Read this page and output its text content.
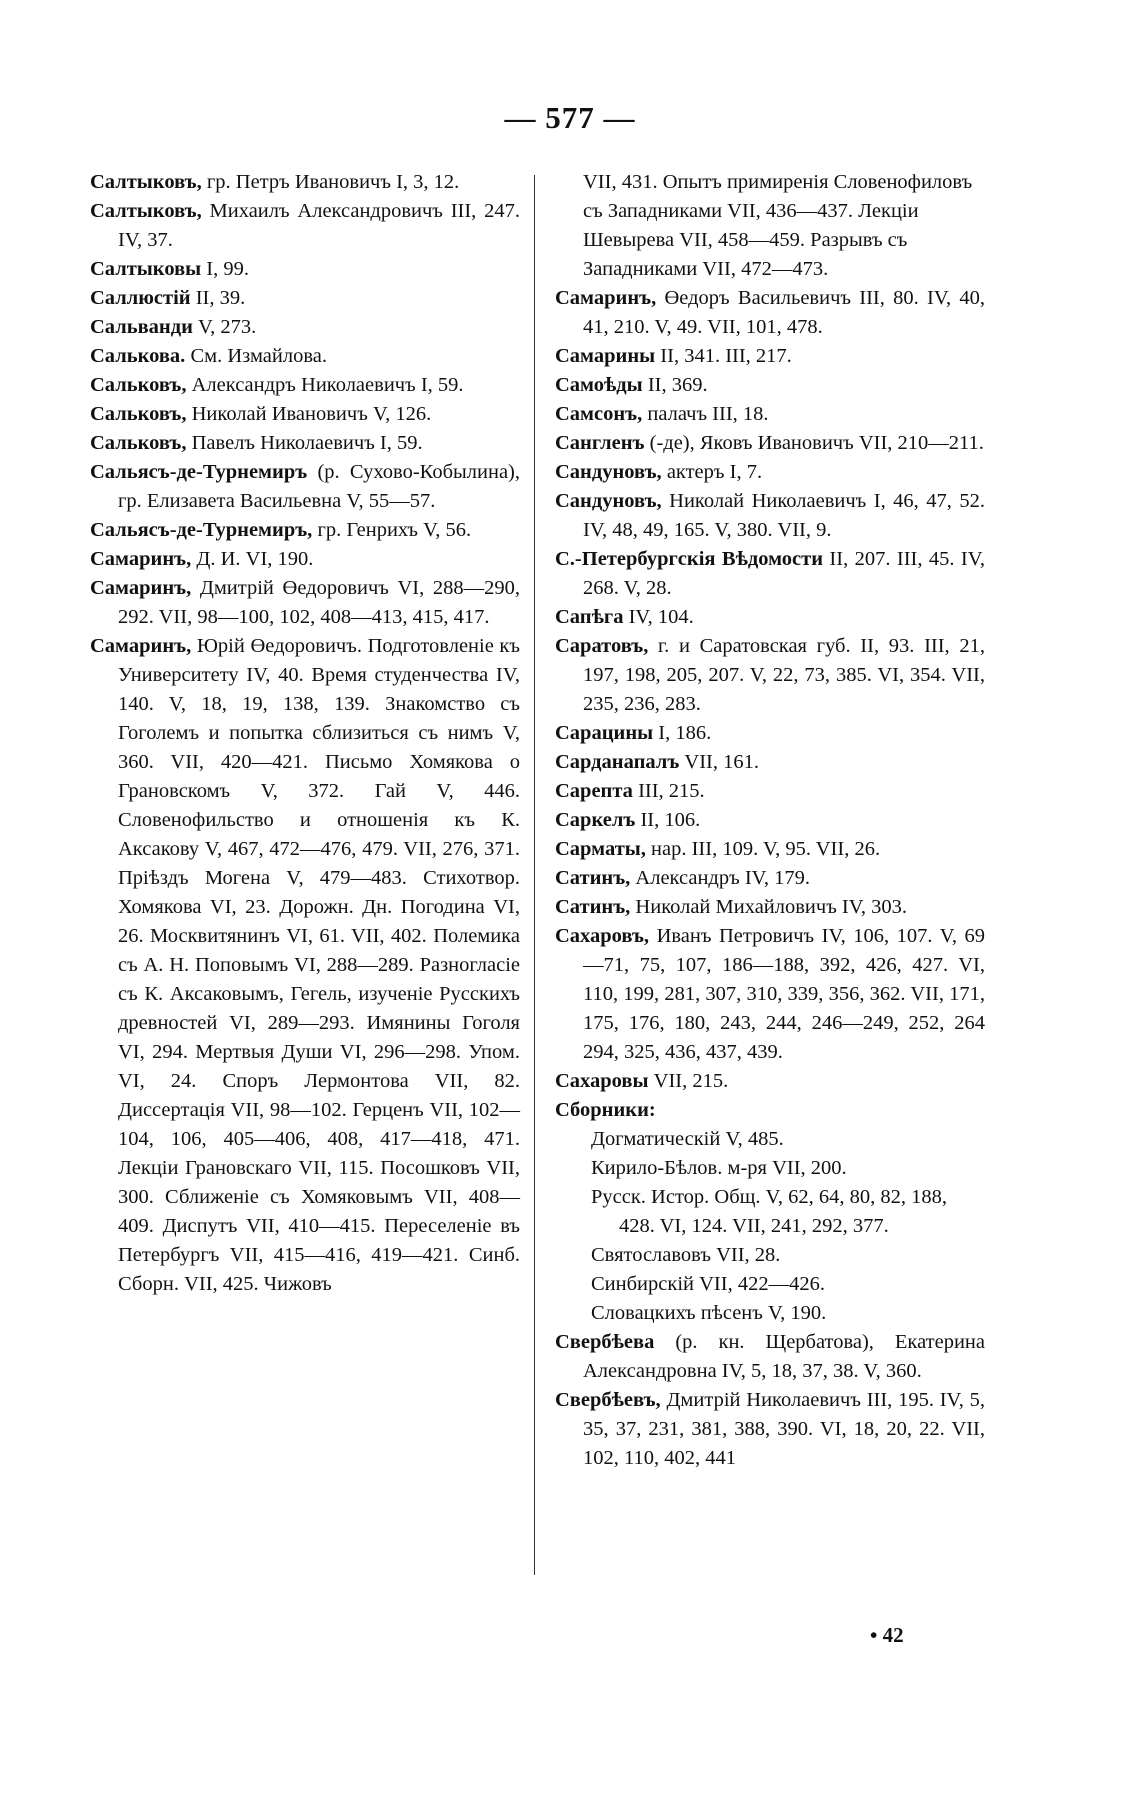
— 577 —

Салтыковъ, гр. Петръ Ивановичъ I, 3, 12.

Салтыковъ, Михаилъ Александровичъ III, 247. IV, 37.

Салтыковы I, 99.

Саллюстій II, 39.

Сальванди V, 273.

Салькова. См. Измайлова.

Сальковъ, Александръ Николаевичъ I, 59.

Сальковъ, Николай Ивановичъ V, 126.

Сальковъ, Павелъ Николаевичъ I, 59.

Сальясъ-де-Турнемиръ (р. Сухово-Кобылина), гр. Елизавета Васильевна V, 55—57.

Сальясъ-де-Турнемиръ, гр. Генрихъ V, 56.

Самаринъ, Д. И. VI, 190.

Самаринъ, Дмитрій Өедоровичъ VI, 288—290, 292. VII, 98—100, 102, 408—413, 415, 417.

Самаринъ, Юрій Өедоровичъ. Подготовленіе къ Университету IV, 40. Время студенчества IV, 140. V, 18, 19, 138, 139. Знакомство съ Гоголемъ и попытка сблизиться съ нимъ V, 360. VII, 420—421. Письмо Хомякова о Грановскомъ V, 372. Гай V, 446. Словенофильство и отношенія къ К. Аксакову V, 467, 472—476, 479. VII, 276, 371. Пріѣздъ Могена V, 479—483. Стихотвор. Хомякова VI, 23. Дорожн. Дн. Погодина VI, 26. Москвитянинъ VI, 61. VII, 402. Полемика съ А. Н. Поповымъ VI, 288—289. Разногласіе съ К. Аксаковымъ, Гегель, изученіе Русскихъ древностей VI, 289—293. Имянины Гоголя VI, 294. Мертвыя Души VI, 296—298. Упом. VI, 24. Споръ Лермонтова VII, 82. Диссертація VII, 98—102. Герценъ VII, 102—104, 106, 405—406, 408, 417—418, 471. Лекціи Грановскаго VII, 115. Посошковъ VII, 300. Сближеніе съ Хомяковымъ VII, 408—409. Диспутъ VII, 410—415. Переселеніе въ Петербургъ VII, 415—416, 419—421. Синб. Сборн. VII, 425. Чижовъ

VII, 431. Опытъ примиренія Словенофиловъ съ Западниками VII, 436—437. Лекціи Шевырева VII, 458—459. Разрывъ съ Западниками VII, 472—473.

Самаринъ, Өедоръ Васильевичъ III, 80. IV, 40, 41, 210. V, 49. VII, 101, 478.

Самарины II, 341. III, 217.

Самоѣды II, 369.

Самсонъ, палачъ III, 18.

Сангленъ (-де), Яковъ Ивановичъ VII, 210—211.

Сандуновъ, актеръ I, 7.

Сандуновъ, Николай Николаевичъ I, 46, 47, 52. IV, 48, 49, 165. V, 380. VII, 9.

С.-Петербургскія Вѣдомости II, 207. III, 45. IV, 268. V, 28.

Сапѣга IV, 104.

Саратовъ, г. и Саратовская губ. II, 93. III, 21, 197, 198, 205, 207. V, 22, 73, 385. VI, 354. VII, 235, 236, 283.

Сарацины I, 186.

Сарданапалъ VII, 161.

Сарепта III, 215.

Саркелъ II, 106.

Сарматы, нар. III, 109. V, 95. VII, 26.

Сатинъ, Александръ IV, 179.

Сатинъ, Николай Михайловичъ IV, 303.

Сахаровъ, Иванъ Петровичъ IV, 106, 107. V, 69—71, 75, 107, 186—188, 392, 426, 427. VI, 110, 199, 281, 307, 310, 339, 356, 362. VII, 171, 175, 176, 180, 243, 244, 246—249, 252, 264 294, 325, 436, 437, 439.

Сахаровы VII, 215.

Сборники:

Догматическій V, 485.

Кирило-Бѣлов. м-ря VII, 200.

Русск. Истор. Общ. V, 62, 64, 80, 82, 188, 428. VI, 124. VII, 241, 292, 377.

Святославовъ VII, 28.

Синбирскій VII, 422—426.

Словацкихъ пѣсенъ V, 190.

Свербѣева (р. кн. Щербатова), Екатерина Александровна IV, 5, 18, 37, 38. V, 360.

Свербѣевъ, Дмитрій Николаевичъ III, 195. IV, 5, 35, 37, 231, 381, 388, 390. VI, 18, 20, 22. VII, 102, 110, 402, 441

• 42
